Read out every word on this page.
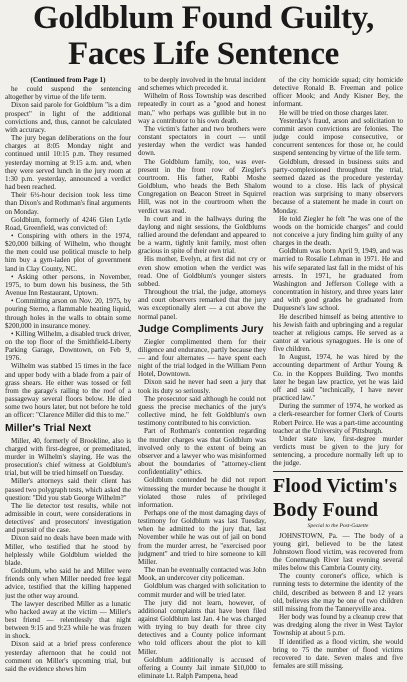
Goldblum Found Guilty,
Faces Life Sentence

(Continued from Page 1)

he could suspend the sentencing altogether by virtue of the life term.

Dixon said parole for Goldblum "is a dim prospect" in light of the additional convictions and, thus, cannot be calculated with accuracy.

The jury began deliberations on the four charges at 8:05 Monday night and continued until 10:15 p.m. They resumed yesterday morning at 9:15 a.m. and, when they were served lunch in the jury room at 1:30 p.m. yesterday, announced a verdict had been reached.

Their 6½-hour decision took less time than Dixon's and Rothman's final arguments on Monday.

Goldblum, formerly of 4246 Glen Lytle Road, Greenfield, was convicted of:

• Conspiring with others in the 1974, $20,000 bilking of Wilhelm, who thought the men could use political muscle to help him buy a gym-laden plot of government land in Clay County, NC.

• Asking other persons, in November, 1975, to burn down his business, the 5th Avenue Inn Restaurant, Uptown.

• Committing arson on Nov. 20, 1975, by pouring Sterno, a flammable heating liquid, through holes in the walls to obtain some $200,000 in insurance money.

• Killing Wilhelm, a disabled truck driver, on the top floor of the Smithfield-Liberty Parking Garage, Downtown, on Feb 9, 1976.

Wilhelm was stabbed 15 times in the face and upper body with a blade from a pair of grass shears. He either was tossed or fell from the garage's railing to the roof of a passageway several floors below. He died some two hours later, but not before he told an officer: "Clarence Miller did this to me."

Miller's Trial Next

Miller, 40, formerly of Brookline, also is charged with first-degree, or premeditated, murder in Wilhelm's slaying. He was the prosecution's chief witness at Goldblum's trial, but will be tried himself on Tuesday.

Miller's attorneys said their client has passed two polygraph tests, which asked the question: "Did you stab George Wilhelm?"

The lie detector test results, while not admissible in court, were considerations in detectives' and prosecutors' investigation and pursuit of the case.

Dixon said no deals have been made with Miller, who testified that he stood by helplessly while Goldblum wielded the blade.

Goldblum, who said he and Miller were friends only when Miller needed free legal advice, testified that the killing happened just the other way around.

The lawyer described Miller as a lunatic who hacked away at the victim — Miller's best friend — relentlessly that night between 9:15 and 9:23 while he was frozen in shock.

Dixon said at a brief press conference yesterday afternoon that he could not comment on Miller's upcoming trial, but said the evidence shows him

to be deeply involved in the brutal incident and schemes which preceded it.

Wilhelm of Ross Township was described repeatedly in court as a "good and honest man," who perhaps was gullible but in no way a contributor to his own death.

The victim's father and two brothers were constant spectators in court — until yesterday when the verdict was handed down.

The Goldblum family, too, was ever-present in the front row of Ziegler's courtroom. His father, Rabbi Moshe Goldblum, who heads the Beth Shalom Congregation on Beacon Street in Squirrel Hill, was not in the courtroom when the verdict was read.

In court and in the hallways during the daylong and night sessions, the Goldblums rallied around the defendant and appeared to be a warm, tightly knit family, most often gracious in spite of their own trial.

His mother, Evelyn, at first did not cry or even show emotion when the verdict was read. One of Goldblum's younger sisters sobbed.

Throughout the trial, the judge, attorneys and court observers remarked that the jury was exceptionally alert — a cut above the normal panel.

Judge Compliments Jury

Ziegler complimented them for their diligence and endurance, partly because they — and four alternates — have spent each night of the trial lodged in the William Penn Hotel, Downtown.

Dixon said he never had seen a jury that took its duty so seriously.

The prosecutor said although he could not guess the precise mechanics of the jury's collective mind, he felt Goldblum's own testimony contributed to his conviction.

Part of Rothman's contention regarding the murder charges was that Goldblum was involved only to the extent of being an observer and a lawyer who was misinformed about the boundaries of "attorney-client confidentiality" ethics.

Goldblum contended he did not report witnessing the murder because he thought it violated those rules of privileged information.

Perhaps one of the most damaging days of testimony for Goldblum was last Tuesday, when he admitted to the jury that, last November while he was out of jail on bond from the murder arrest, he "exercised poor judgment" and tried to hire someone to kill Miller.

The man he eventually contacted was John Mook, an undercover city policeman.

Goldblum was charged with solicitation to commit murder and will be tried later.

The jury did not learn, however, of additional complaints that have been filed against Goldblum last Jan. 4 he was charged with trying to buy death for three city detectives and a County police informant who told officers about the plot to kill Miller.

Goldblum additionally is accused of offering a County Jail inmate $10,000 to eliminate Lt. Ralph Pampena, head

of the city homicide squad; city homicide detective Ronald B. Freeman and police officer Mook; and Andy Kisner Bey, the informant.

He will be tried on those charges later.

Yesterday's fraud, arson and solicitation to commit arson convictions are felonies. The judge could impose consecutive, or concurrent sentences for those or, he could suspend sentencing by virtue of the life term.

Goldblum, dressed in business suits and party-complexioned throughout the trial, seemed dazed as the procedure yesterday wound to a close. His lack of physical reaction was surprising to many observers because of a statement he made in court on Monday.

He told Ziegler he felt "he was one of the woods on the homicide charges" and could not conceive a jury finding him guilty of any charges in the death.

Goldblum was born April 9, 1949, and was married to Rosalie Lehman in 1971. He and his wife separated last fall in the midst of his arrests. In 1971, he graduated from Washington and Jefferson College with a concentration in history, and three years later and with good grades he graduated from Duquesne's law school.

He described himself as being attentive to his Jewish faith and upbringing and a regular teacher at religious camps. He served as a cantor at various synagogues. He is one of five children.

In August, 1974, he was hired by the accounting department of Arthur Young & Co. in the Koppers Building. Two months later he began law practice, yet he was laid off and said "technically, I have never practiced law."

During the summer of 1974, he worked as a clerk-researcher for former Clerk of Courts Robert Peirce. He was a part-time accounting teacher at the University of Pittsburgh.

Under state law, first-degree murder verdicts must be given to the jury for sentencing, a procedure normally left up to the judge.

Flood Victim's
Body Found
Special to the Post-Gazette

JOHNSTOWN, Pa. — The body of a young girl, believed to be the latest Johnstown flood victim, was recovered from the Conemaugh River last evening several miles below this Cambria County city.

The county coroner's office, which is running tests to determine the identity of the child, described as between 8 and 12 years old, believes she may be one of two children still missing from the Tanneryville area.

Her body was found by a cleanup crew that was dredging along the river in West Taylor Township at about 5 p.m.

If identified as a flood victim, she would bring to 75 the number of flood victims recovered to date. Seven males and five females are still missing.
